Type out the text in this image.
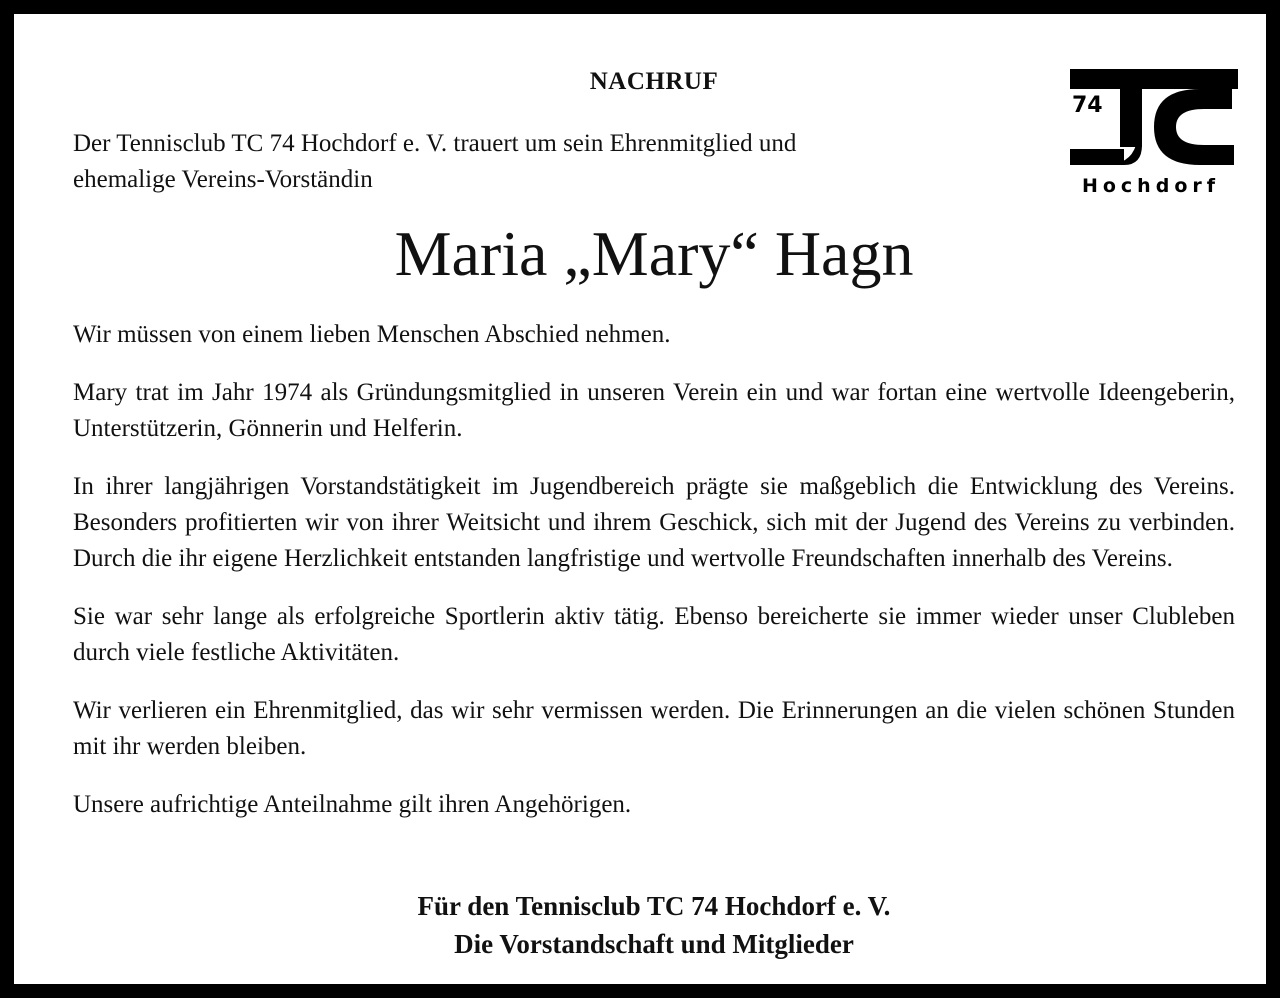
NACHRUF
Der Tennisclub TC 74 Hochdorf e. V. trauert um sein Ehrenmitglied und
ehemalige Vereins-Vorständin
74
Hochdorf
Maria „Mary“ Hagn

Wir müssen von einem lieben Menschen Abschied nehmen.

Mary trat im Jahr 1974 als Gründungsmitglied in unseren Verein ein und war fortan eine wertvolle Ideengeberin, Unterstützerin, Gönnerin und Helferin.

In ihrer langjährigen Vorstandstätigkeit im Jugendbereich prägte sie maßgeblich die Entwicklung des Vereins. Besonders profitierten wir von ihrer Weitsicht und ihrem Geschick, sich mit der Jugend des Vereins zu verbinden. Durch die ihr eigene Herzlichkeit entstanden langfristige und wertvolle Freundschaften innerhalb des Vereins.

Sie war sehr lange als erfolgreiche Sportlerin aktiv tätig. Ebenso bereicherte sie immer wieder unser Clubleben durch viele festliche Aktivitäten.

Wir verlieren ein Ehrenmitglied, das wir sehr vermissen werden. Die Erinnerungen an die vielen schönen Stunden mit ihr werden bleiben.

Unsere aufrichtige Anteilnahme gilt ihren Angehörigen.

Für den Tennisclub TC 74 Hochdorf e. V.
Die Vorstandschaft und Mitglieder
